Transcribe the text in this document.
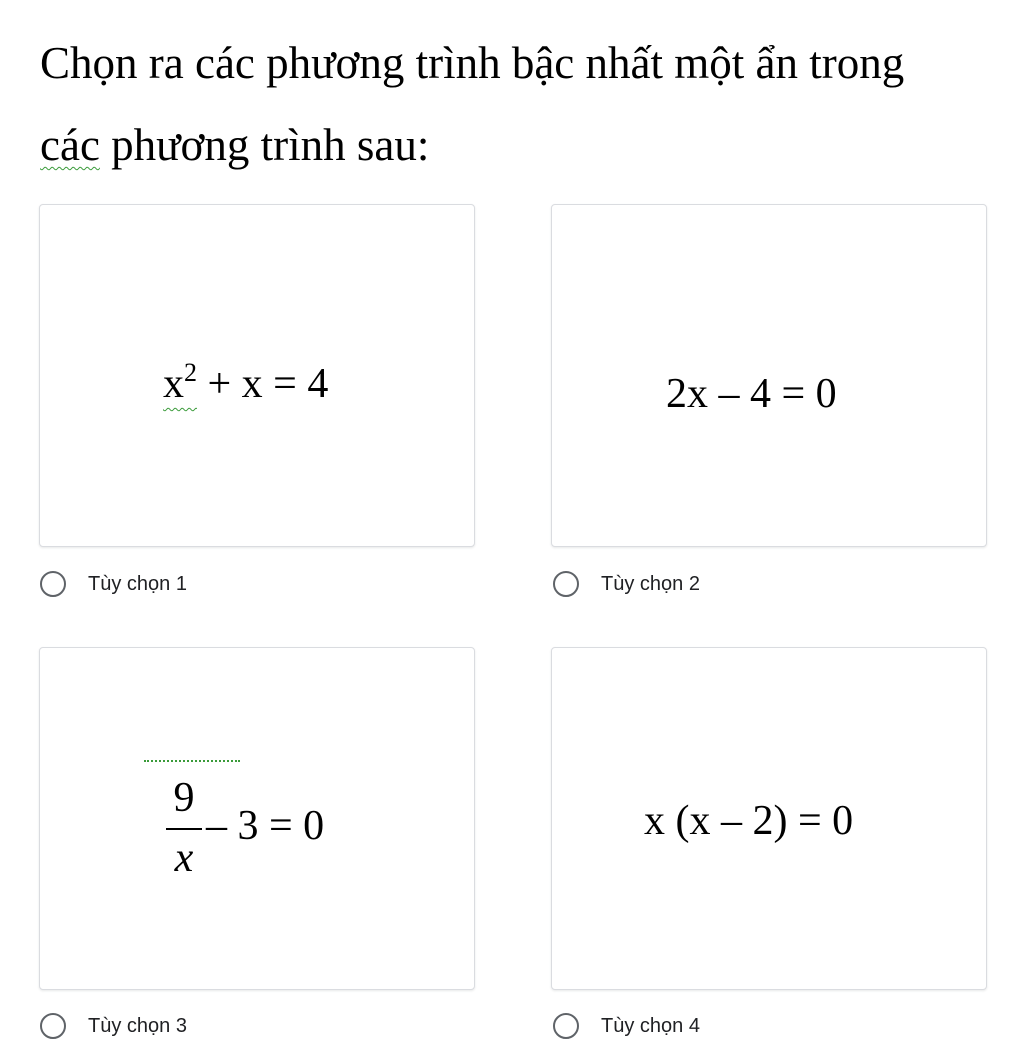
Chọn ra các phương trình bậc nhất một ẩn trong
các phương trình sau:
$x^2 + x = 4$
Tùy chọn 1
2x – 4 = 0
Tùy chọn 2
9
x
– 3 = 0
Tùy chọn 3
x (x – 2) = 0
Tùy chọn 4
